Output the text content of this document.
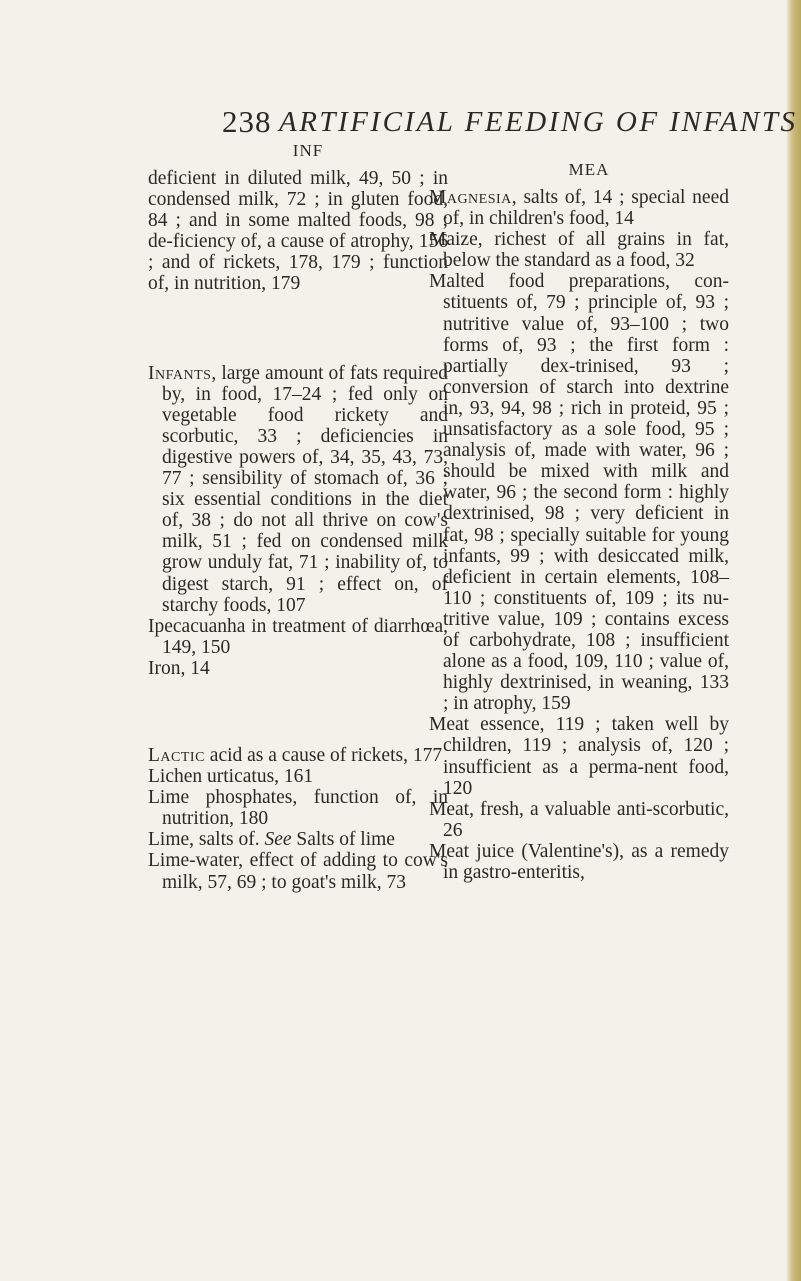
238 ARTIFICIAL FEEDING OF INFANTS
INF

deficient in diluted milk, 49, 50 ; in condensed milk, 72 ; in gluten food, 84 ; and in some malted foods, 98 ; de-ficiency of, a cause of atrophy, 156 ; and of rickets, 178, 179 ; function of, in nutrition, 179

Infants, large amount of fats required by, in food, 17–24 ; fed only on vegetable food rickety and scorbutic, 33 ; deficiencies in digestive powers of, 34, 35, 43, 73, 77 ; sensibility of stomach of, 36 ; six essential conditions in the diet of, 38 ; do not all thrive on cow's milk, 51 ; fed on condensed milk grow unduly fat, 71 ; inability of, to digest starch, 91 ; effect on, of starchy foods, 107

Ipecacuanha in treatment of diarrhœa, 149, 150

Iron, 14

Lactic acid as a cause of rickets, 177

Lichen urticatus, 161

Lime phosphates, function of, in nutrition, 180

Lime, salts of. See Salts of lime

Lime-water, effect of adding to cow's milk, 57, 69 ; to goat's milk, 73

MEA

Magnesia, salts of, 14 ; special need of, in children's food, 14

Maize, richest of all grains in fat, below the standard as a food, 32

Malted food preparations, con-stituents of, 79 ; principle of, 93 ; nutritive value of, 93–100 ; two forms of, 93 ; the first form : partially dex-trinised, 93 ; conversion of starch into dextrine in, 93, 94, 98 ; rich in proteid, 95 ; unsatisfactory as a sole food, 95 ; analysis of, made with water, 96 ; should be mixed with milk and water, 96 ; the second form : highly dextrinised, 98 ; very deficient in fat, 98 ; specially suitable for young infants, 99 ; with desiccated milk, deficient in certain elements, 108–110 ; constituents of, 109 ; its nu-tritive value, 109 ; contains excess of carbohydrate, 108 ; insufficient alone as a food, 109, 110 ; value of, highly dextrinised, in weaning, 133 ; in atrophy, 159

Meat essence, 119 ; taken well by children, 119 ; analysis of, 120 ; insufficient as a perma-nent food, 120

Meat, fresh, a valuable anti-scorbutic, 26

Meat juice (Valentine's), as a remedy in gastro-enteritis,
